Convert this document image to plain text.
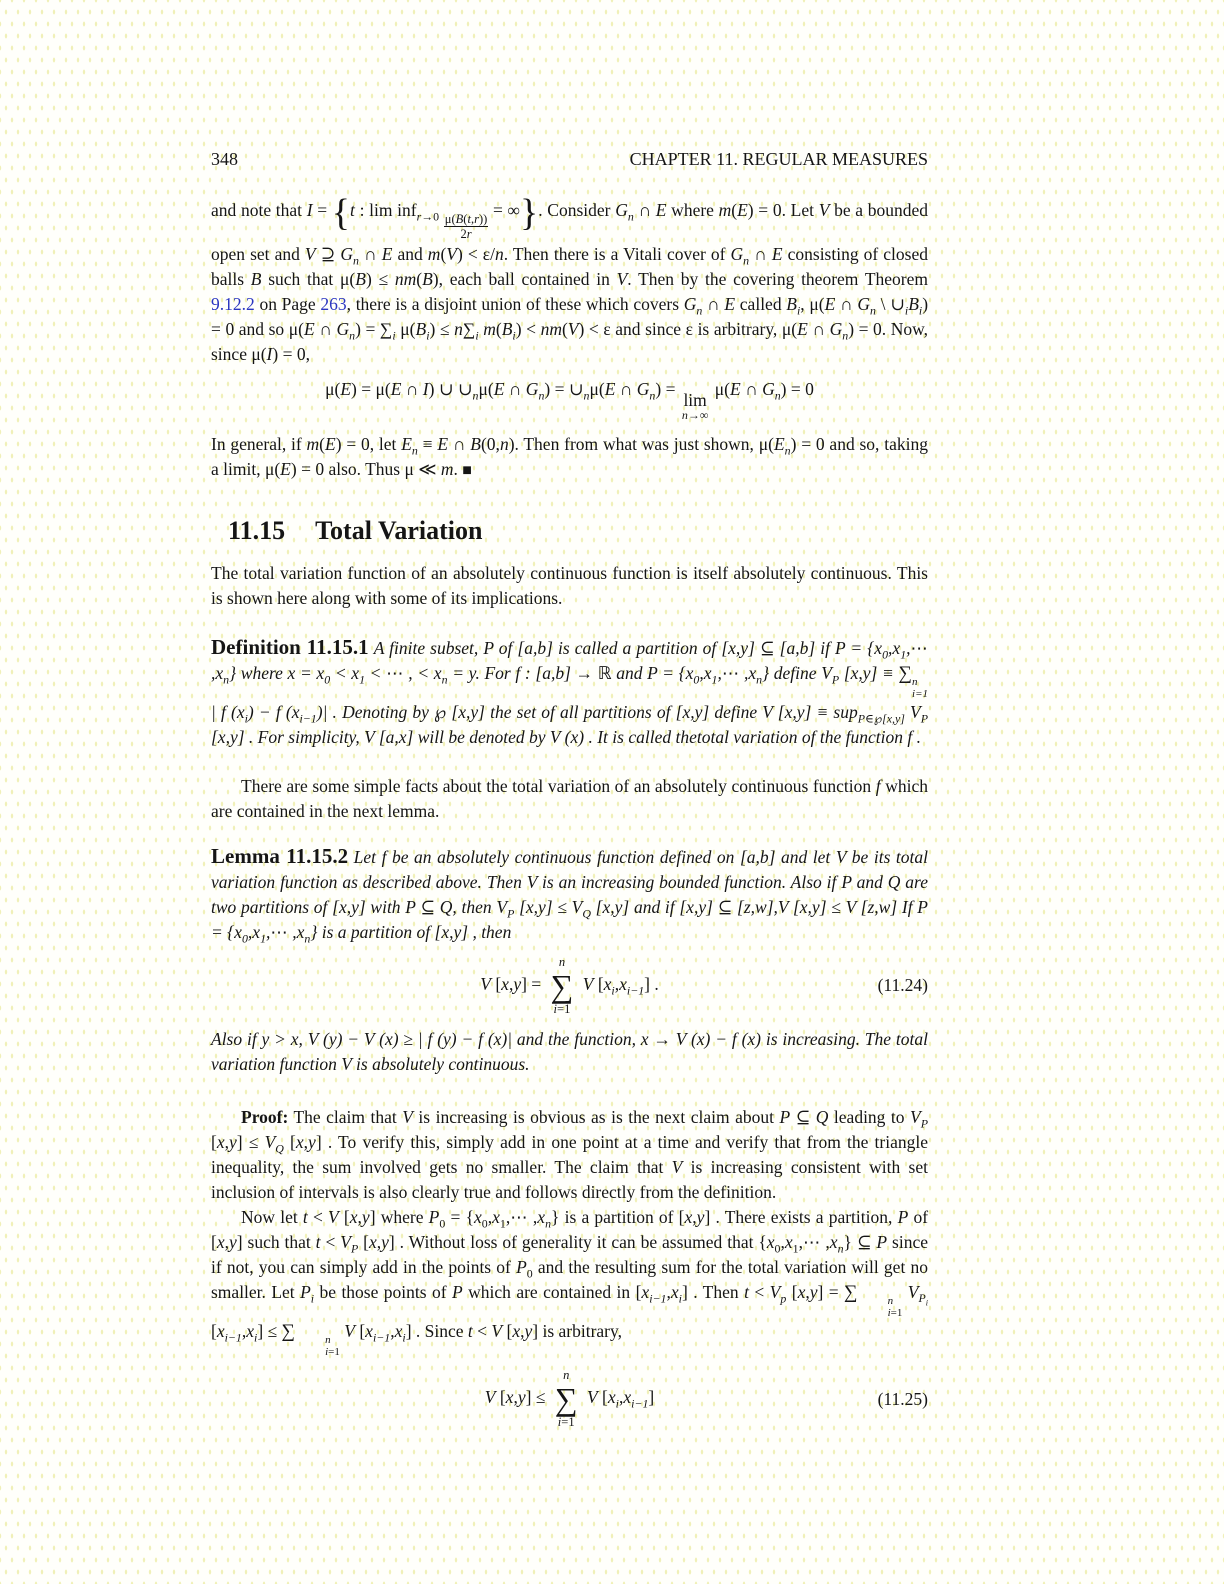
348	CHAPTER 11. REGULAR MEASURES

and note that I = {t : $\lim inf_{r\to 0} \frac{\mu(B(t,r))}{2r}$
= ∞}. Consider $G_n$ ∩ E where m(E) = 0. Let V be a bounded open set and V ⊇ $G_n$ ∩ E and m(V) < ε/n. Then there is a Vitali cover of $G_n$ ∩ E consisting of closed balls B such that μ(B) ≤ nm(B), each ball contained in V. Then by the covering theorem Theorem 9.12.2 on Page 263, there is a disjoint union of these which covers $G_n$ ∩ E called $B_i$, μ(E ∩ $G_n$ \ $\cup_iB_i) = 0$ and so μ(E ∩ $G_n) = \sum_i$ $\mu(B_i) \le n\sum_i$ $m(B_i) < nm(V) < \varepsilon$ and since ε is arbitrary, μ(E ∩ $G_n) = 0$. Now, since μ(I) = 0,

μ(E) = μ(E ∩ I) ∪ $\cup_n\mu(E$ ∩ $G_n$) = $\cup_n\mu(E$ ∩ $G_n$) =
lim
n→∞
μ(E ∩ $G_n) = 0$

In general, if m(E) = 0, let $E_n \equiv E$ ∩ B(0,n). Then from what was just shown, $\mu(E_n) = 0$ and so, taking a limit, μ(E) = 0 also. Thus μ ≪ m. ■

11.15 Total Variation

The total variation function of an absolutely continuous function is itself absolutely continuous. This is shown here along with some of its implications.

Definition 11.15.1 A finite subset, P of [a,b] is called a partition of [x,y] ⊆ [a,b] if $P = \{x_0,x_1,\cdots$ $,x_n$} where $x = x_0 < x_1$ < ⋯ , < $x_n = y$. For f : [a,b] → ℝ and $P = \{x_0,x_1,\cdots$ $,x_n$} define $V_P$ [x,y] ≡ ∑ n
i=1
| f $(x_i) - f$ $(x_{i-1})|$ . Denoting by ℘ [x,y] the set of all partitions of [x,y] define V [x,y] ≡ sup$_{P\in℘[x,y]}$ $V_P$ [x,y] . For simplicity, V [a,x] will be denoted by V (x) . It is called thetotal variation of the function f .

There are some simple facts about the total variation of an absolutely continuous function f which are contained in the next lemma.

Lemma 11.15.2 Let f be an absolutely continuous function defined on [a,b] and let V be its total variation function as described above. Then V is an increasing bounded function. Also if P and Q are two partitions of [x,y] with P ⊆ Q, then $V_P$ $[x,y] \le V_Q$ [x,y] and if [x,y] ⊆ [z,w],V [x,y] ≤ V [z,w] If $P = \{x_0,x_1,\cdots$ $,x_n$} is a partition of [x,y] , then

V [x,y] =
n
∑
i=1
V $[x_i,x_{i-1}]$ .	(11.24)

Also if y > x, V (y) − V (x) ≥ | f (y) − f (x)| and the function, x → V (x) − f (x) is increasing. The total variation function V is absolutely continuous.

Proof: The claim that V is increasing is obvious as is the next claim about P ⊆ Q leading to $V_P$ $[x,y] \le V_Q$ [x,y] . To verify this, simply add in one point at a time and verify that from the triangle inequality, the sum involved gets no smaller. The claim that V is increasing consistent with set inclusion of intervals is also clearly true and follows directly from the definition.

Now let t < V [x,y] where $P_0$ = {$x_0,x_1,\cdots$ $,x_n$} is a partition of [x,y] . There exists a partition, P of [x,y] such that $t < V_P$ [x,y] . Without loss of generality it can be assumed that {$x_0,x_1,\cdots$ $,x_n$} ⊆ P since if not, you can simply add in the points of $P_0$ and the resulting sum for the total variation will get no smaller. Let $P_i$ be those points of P which are contained in $[x_{i-1},x_i]$ . Then $t < V_p$ [x,y] = ∑	n
i=1
$V_{P_i}$ $[x_{i-1},x_i]$ ≤ ∑	n
i=1
V $[x_{i-1},x_i]$ . Since t < V [x,y] is arbitrary,

V [x,y] ≤
n
∑
i=1
V $[x_i,x_{i-1}]$	(11.25)
